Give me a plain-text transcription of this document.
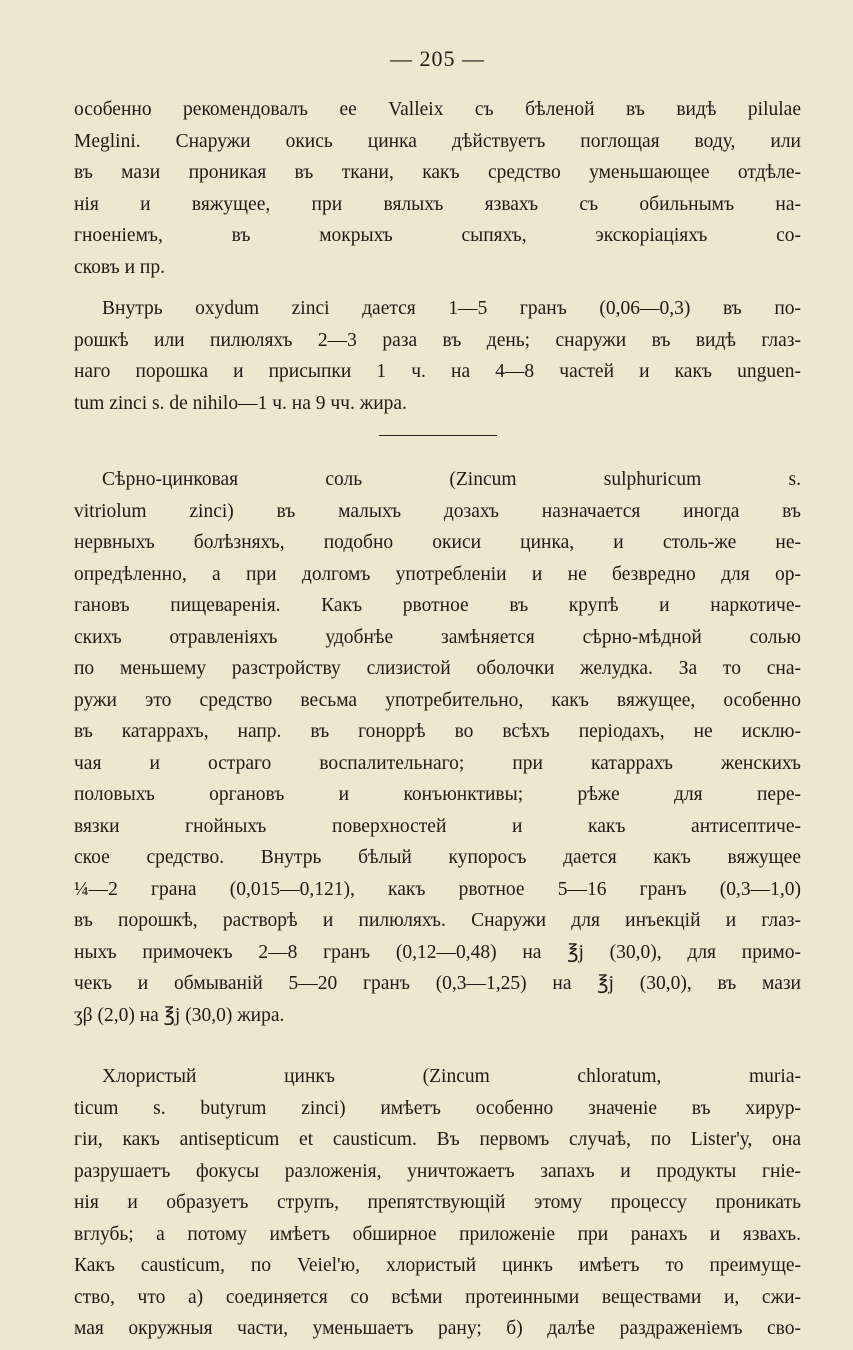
— 205 —
особенно рекомендовалъ ее Valleix съ бѣленой въ видѣ pilulae
Meglini. Снаружи окись цинка дѣйствуетъ поглощая воду, или
въ мази проникая въ ткани, какъ средство уменьшающее отдѣле-
нія и вяжущее, при вялыхъ язвахъ съ обильнымъ на-
гноеніемъ, въ мокрыхъ сыпяхъ, экскоріаціяхъ со-
сковъ и пр.
Внутрь oxydum zinci дается 1—5 гранъ (0,06—0,3) въ по-
рошкѣ или пилюляхъ 2—3 раза въ день; снаружи въ видѣ глаз-
наго порошка и присыпки 1 ч. на 4—8 частей и какъ unguen-
tum zinci s. de nihilo—1 ч. на 9 чч. жира.
Сѣрно-цинковая соль (Zincum sulphuricum s.
vitriolum zinci) въ малыхъ дозахъ назначается иногда въ
нервныхъ болѣзняхъ, подобно окиси цинка, и столь-же не-
опредѣленно, а при долгомъ употребленіи и не безвредно для ор-
гановъ пищеваренія. Какъ рвотное въ крупѣ и наркотиче-
скихъ отравленіяхъ удобнѣе замѣняется сѣрно-мѣдной солью
по меньшему разстройству слизистой оболочки желудка. За то сна-
ружи это средство весьма употребительно, какъ вяжущее, особенно
въ катаррахъ, напр. въ гоноррѣ во всѣхъ періодахъ, не исклю-
чая и остраго воспалительнаго; при катаррахъ женскихъ
половыхъ органовъ и конъюнктивы; рѣже для пере-
вязки гнойныхъ поверхностей и какъ антисептиче-
ское средство. Внутрь бѣлый купоросъ дается какъ вяжущее
¼—2 грана (0,015—0,121), какъ рвотное 5—16 гранъ (0,3—1,0)
въ порошкѣ, растворѣ и пилюляхъ. Снаружи для инъекцій и глаз-
ныхъ примочекъ 2—8 гранъ (0,12—0,48) на ℥j (30,0), для примо-
чекъ и обмываній 5—20 гранъ (0,3—1,25) на ℥j (30,0), въ мази
ʒβ (2,0) на ℥j (30,0) жира.
Хлористый цинкъ (Zincum chloratum, muria-
ticum s. butyrum zinci) имѣетъ особенно значеніе въ хирур-
гіи, какъ antisepticum et causticum. Въ первомъ случаѣ, по Lister'у, она
разрушаетъ фокусы разложенія, уничтожаетъ запахъ и продукты гніе-
нія и образуетъ струпъ, препятствующій этому процессу проникать
вглубь; а потому имѣетъ обширное приложеніе при ранахъ и язвахъ.
Какъ causticum, по Veiel'ю, хлористый цинкъ имѣетъ то преимуще-
ство, что а) соединяется со всѣми протеинными веществами и, сжи-
мая окружныя части, уменьшаетъ рану; б) далѣе раздраженіемъ сво-
